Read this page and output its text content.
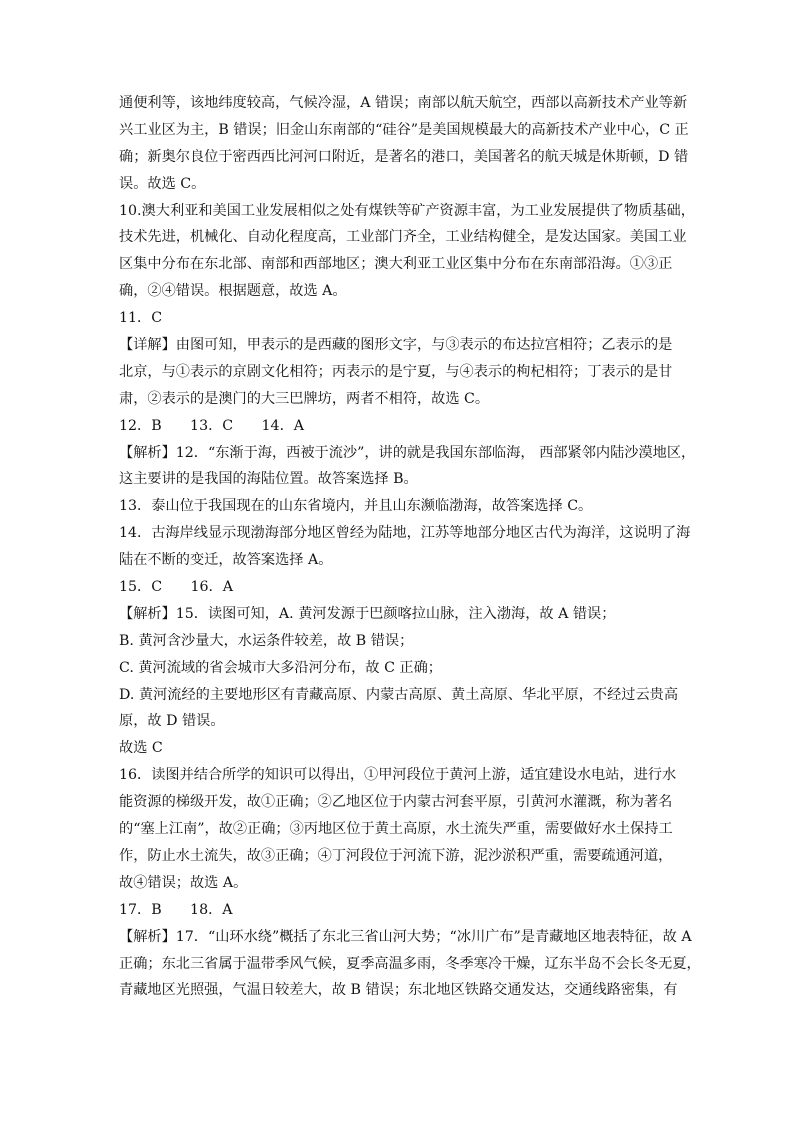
通便利等，该地纬度较高，气候冷湿，A 错误；南部以航天航空，西部以高新技术产业等新
兴工业区为主，B 错误；旧金山东南部的“硅谷”是美国规模最大的高新技术产业中心，C 正
确；新奥尔良位于密西西比河河口附近，是著名的港口，美国著名的航天城是休斯顿，D 错
误。故选 C。
10.澳大利亚和美国工业发展相似之处有煤铁等矿产资源丰富，为工业发展提供了物质基础，
技术先进，机械化、自动化程度高，工业部门齐全，工业结构健全，是发达国家。美国工业
区集中分布在东北部、南部和西部地区；澳大利亚工业区集中分布在东南部沿海。①③正
确，②④错误。根据题意，故选 A。
11．C
【详解】由图可知，甲表示的是西藏的图形文字，与③表示的布达拉宫相符；乙表示的是
北京，与①表示的京剧文化相符；丙表示的是宁夏，与④表示的枸杞相符；丁表示的是甘
肃，②表示的是澳门的大三巴牌坊，两者不相符，故选 C。
12．B　　13．C　　14．A
【解析】12．“东渐于海，西被于流沙”，讲的就是我国东部临海， 西部紧邻内陆沙漠地区，
这主要讲的是我国的海陆位置。故答案选择 B。
13．泰山位于我国现在的山东省境内，并且山东濒临渤海，故答案选择 C。
14．古海岸线显示现渤海部分地区曾经为陆地，江苏等地部分地区古代为海洋，这说明了海
陆在不断的变迁，故答案选择 A。
15．C　　16．A
【解析】15．读图可知，A. 黄河发源于巴颜喀拉山脉，注入渤海，故 A 错误；
B. 黄河含沙量大，水运条件较差，故 B 错误；
C. 黄河流域的省会城市大多沿河分布，故 C 正确；
D. 黄河流经的主要地形区有青藏高原、内蒙古高原、黄土高原、华北平原，不经过云贵高
原，故 D 错误。
故选 C
16．读图并结合所学的知识可以得出，①甲河段位于黄河上游，适宜建设水电站，进行水
能资源的梯级开发，故①正确；②乙地区位于内蒙古河套平原，引黄河水灌溉，称为著名
的“塞上江南”，故②正确；③丙地区位于黄土高原，水土流失严重，需要做好水土保持工
作，防止水土流失，故③正确；④丁河段位于河流下游，泥沙淤积严重，需要疏通河道，
故④错误；故选 A。
17．B　　18．A
【解析】17．“山环水绕”概括了东北三省山河大势；“冰川广布”是青藏地区地表特征，故 A
正确；东北三省属于温带季风气候，夏季高温多雨，冬季寒冷干燥，辽东半岛不会长冬无夏，
青藏地区光照强，气温日较差大，故 B 错误；东北地区铁路交通发达，交通线路密集，有
